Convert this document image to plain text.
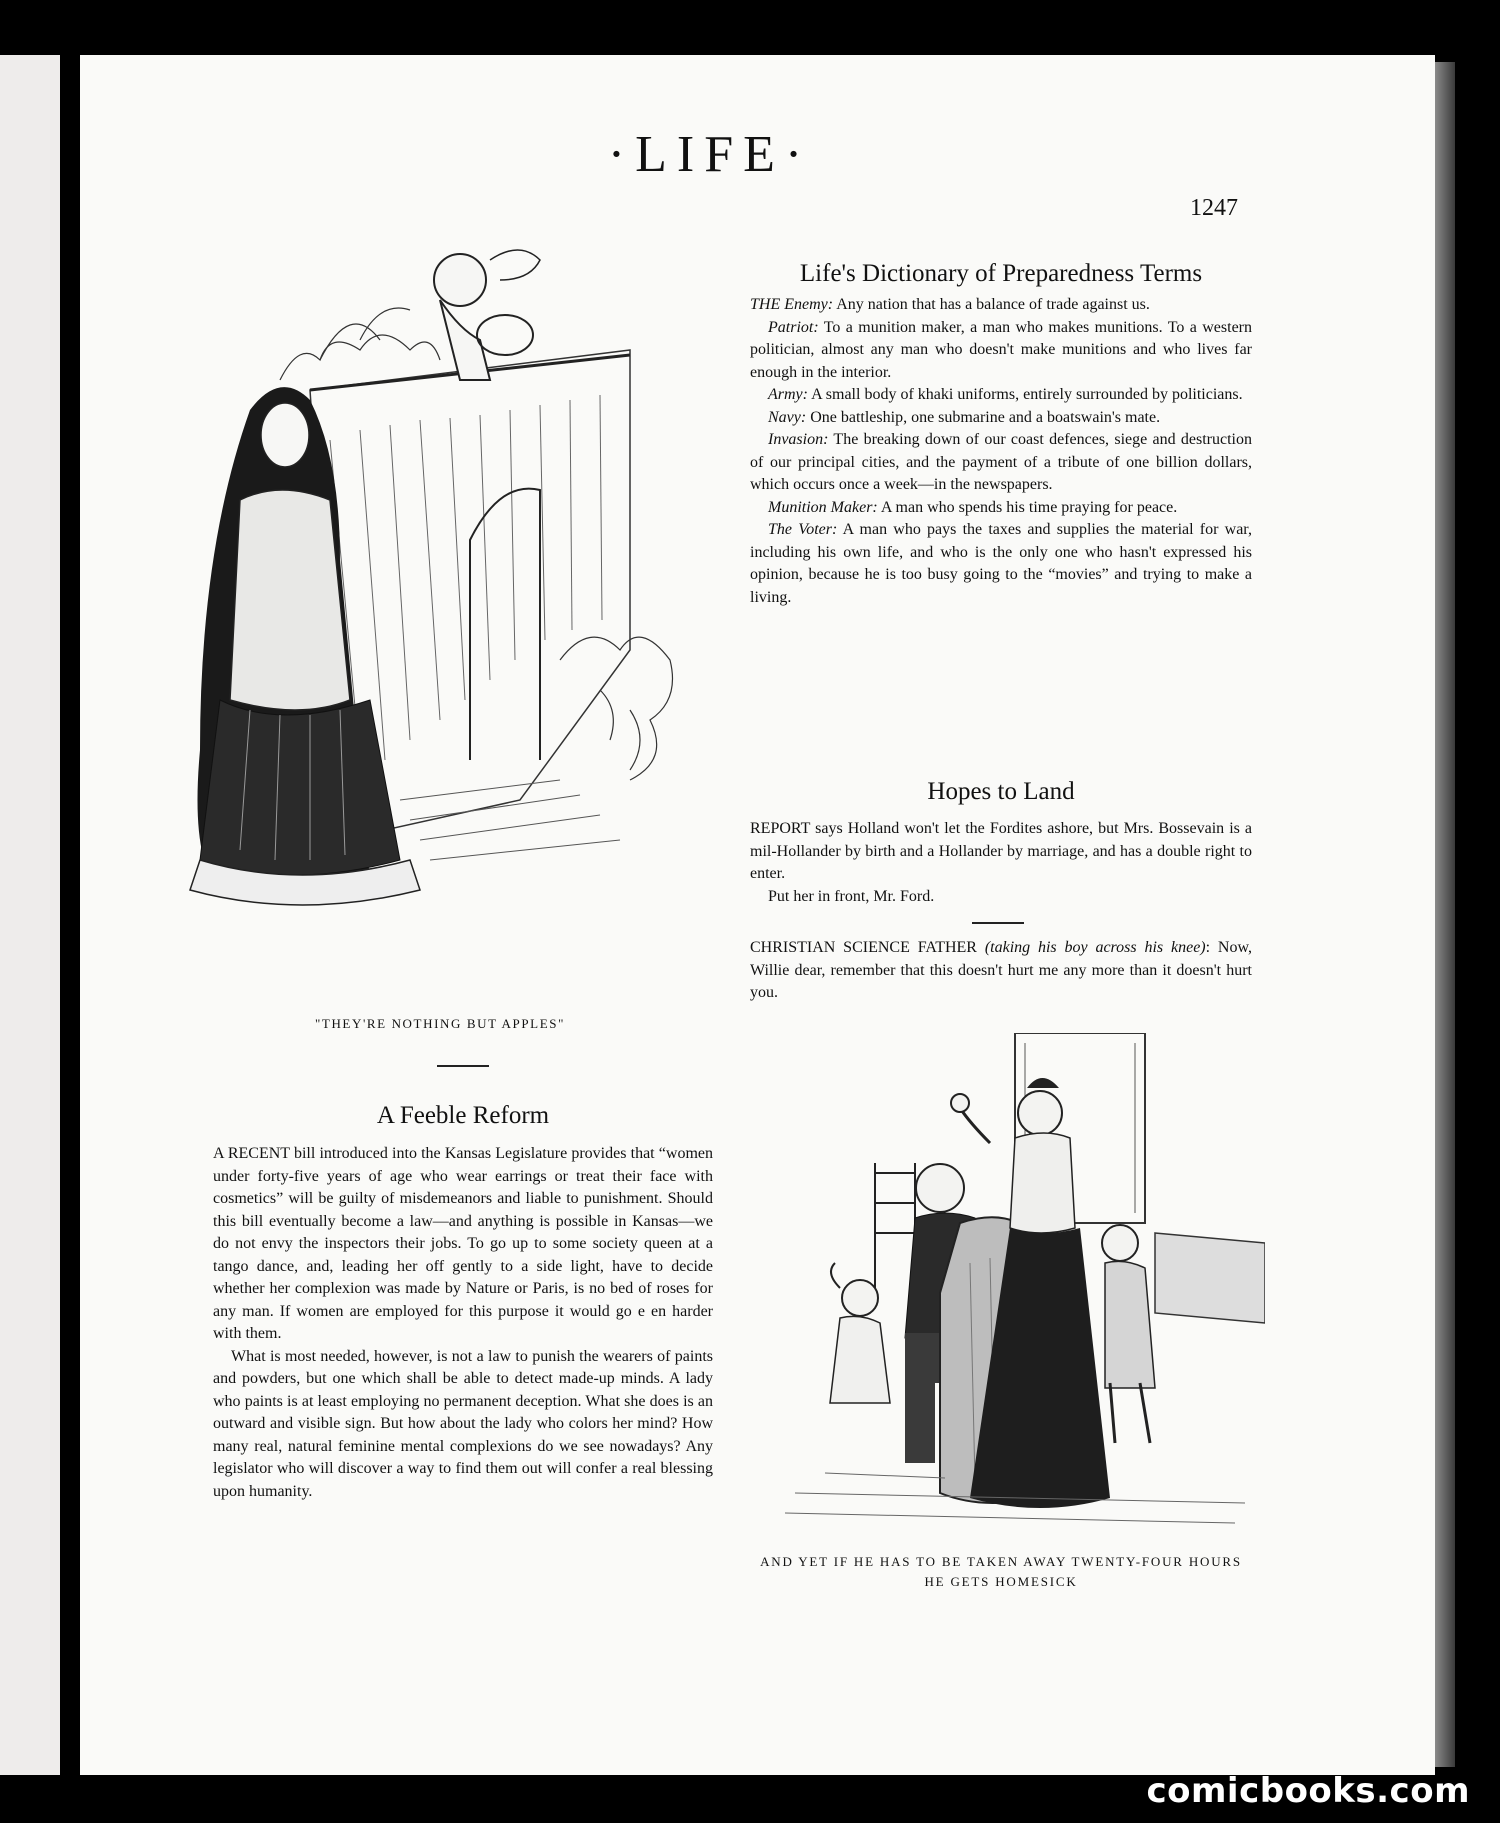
·LIFE·
1247
"THEY'RE NOTHING BUT APPLES"
A Feeble Reform

A RECENT bill introduced into the Kansas Legislature provides that “women under forty-five years of age who wear earrings or treat their face with cosmetics” will be guilty of misdemeanors and liable to punishment. Should this bill eventually become a law—and anything is possible in Kansas—we do not envy the inspectors their jobs. To go up to some society queen at a tango dance, and, leading her off gently to a side light, have to decide whether her complexion was made by Nature or Paris, is no bed of roses for any man. If women are employed for this purpose it would go e en harder with them.

What is most needed, however, is not a law to punish the wearers of paints and powders, but one which shall be able to detect made-up minds. A lady who paints is at least employing no permanent deception. What she does is an outward and visible sign. But how about the lady who colors her mind? How many real, natural feminine mental complexions do we see nowadays? Any legislator who will discover a way to find them out will confer a real blessing upon humanity.

Life's Dictionary of Preparedness Terms

THE Enemy: Any nation that has a balance of trade against us.

Patriot: To a munition maker, a man who makes munitions. To a western politician, almost any man who doesn't make munitions and who lives far enough in the interior.

Army: A small body of khaki uniforms, entirely surrounded by politicians.

Navy: One battleship, one submarine and a boatswain's mate.

Invasion: The breaking down of our coast defences, siege and destruction of our principal cities, and the payment of a tribute of one billion dollars, which occurs once a week—in the newspapers.

Munition Maker: A man who spends his time praying for peace.

The Voter: A man who pays the taxes and supplies the material for war, including his own life, and who is the only one who hasn't expressed his opinion, because he is too busy going to the “movies” and trying to make a living.

Hopes to Land

REPORT says Holland won't let the Fordites ashore, but Mrs. Bossevain is a mil-Hollander by birth and a Hollander by marriage, and has a double right to enter.

Put her in front, Mr. Ford.

CHRISTIAN SCIENCE FATHER (taking his boy across his knee): Now, Willie dear, remember that this doesn't hurt me any more than it doesn't hurt you.

AND YET IF HE HAS TO BE TAKEN AWAY TWENTY-FOUR HOURS HE GETS HOMESICK
comicbooks.com
